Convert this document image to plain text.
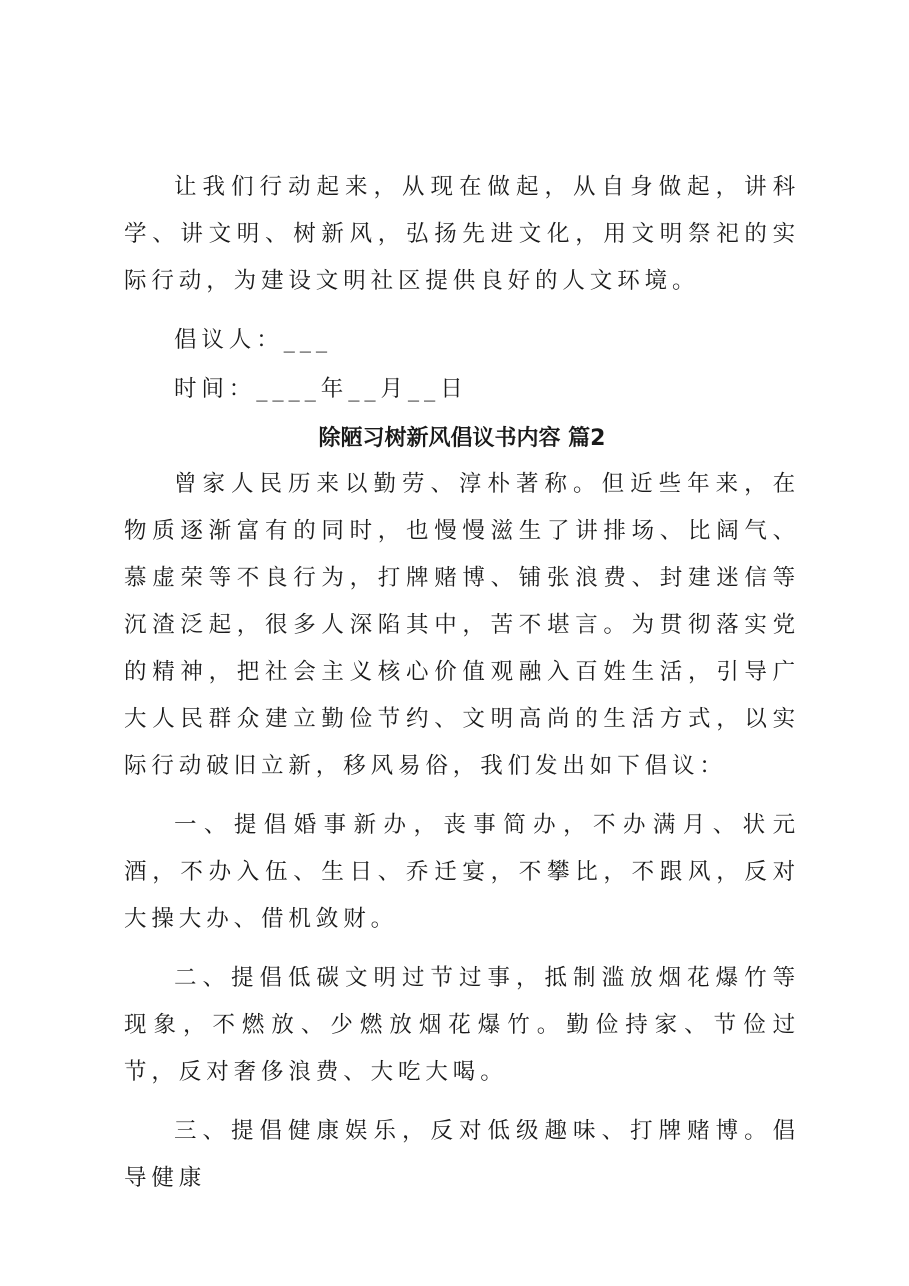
让我们行动起来，从现在做起，从自身做起，讲科学、讲文明、树新风，弘扬先进文化，用文明祭祀的实际行动，为建设文明社区提供良好的人文环境。

倡议人：___

时间：____年__月__日

除陋习树新风倡议书内容 篇2

曾家人民历来以勤劳、淳朴著称。但近些年来，在物质逐渐富有的同时，也慢慢滋生了讲排场、比阔气、慕虚荣等不良行为，打牌赌博、铺张浪费、封建迷信等沉渣泛起，很多人深陷其中，苦不堪言。为贯彻落实党的精神，把社会主义核心价值观融入百姓生活，引导广大人民群众建立勤俭节约、文明高尚的生活方式，以实际行动破旧立新，移风易俗，我们发出如下倡议：

一、提倡婚事新办，丧事简办，不办满月、状元酒，不办入伍、生日、乔迁宴，不攀比，不跟风，反对大操大办、借机敛财。

二、提倡低碳文明过节过事，抵制滥放烟花爆竹等现象，不燃放、少燃放烟花爆竹。勤俭持家、节俭过节，反对奢侈浪费、大吃大喝。

三、提倡健康娱乐，反对低级趣味、打牌赌博。倡导健康
